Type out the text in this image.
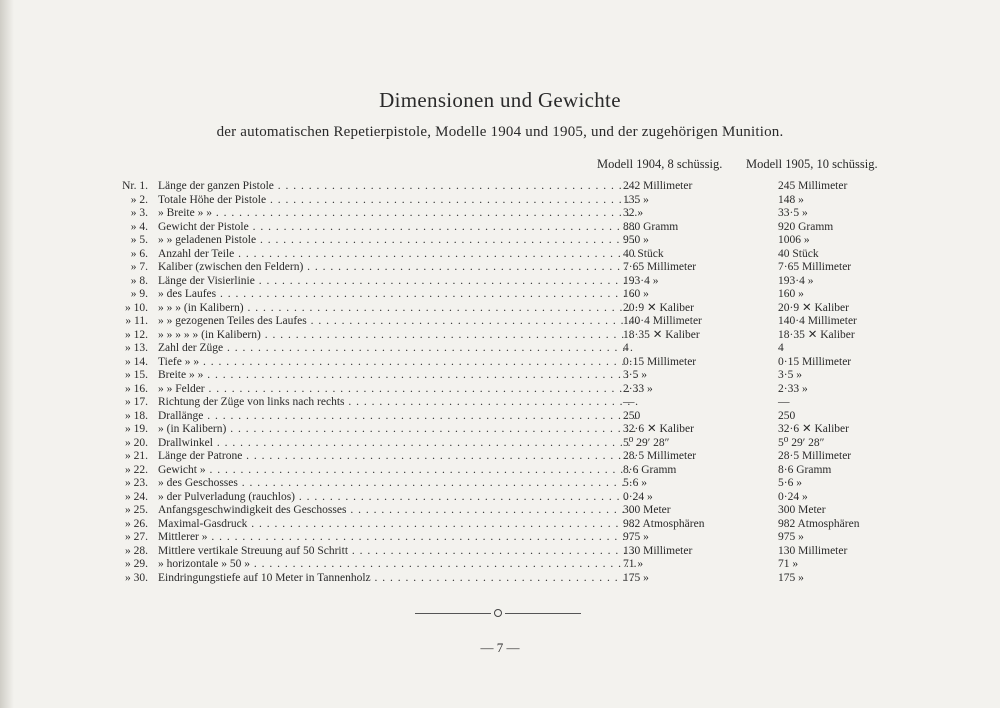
Dimensionen und Gewichte
der automatischen Repetierpistole, Modelle 1904 und 1905, und der zugehörigen Munition.
Modell 1904, 8 schüssig. Modell 1905, 10 schüssig.
Nr. 1. Länge der ganzen Pistole . . .	242 Millimeter	245 Millimeter
» 2. Totale Höhe der Pistole . . .	135 »	148 »
» 3. » Breite » » . . .	32 »	33·5 »
» 4. Gewicht der Pistole . . .	880 Gramm	920 Gramm
» 5. » » geladenen Pistole . . .	950 »	1006 »
» 6. Anzahl der Teile . . .	40 Stück	40 Stück
» 7. Kaliber (zwischen den Feldern) . . .	7·65 Millimeter	7·65 Millimeter
» 8. Länge der Visierlinie . . .	193·4 »	193·4 »
» 9. » des Laufes . . .	160 »	160 »
» 10. » » » (in Kalibern) . . .	20·9 ✕ Kaliber	20·9 ✕ Kaliber
» 11. » » gezogenen Teiles des Laufes . . .	140·4 Millimeter	140·4 Millimeter
» 12. » » » » » (in Kalibern) . . .	18·35 ✕ Kaliber	18·35 ✕ Kaliber
» 13. Zahl der Züge . . .	4	4
» 14. Tiefe » » . . .	0·15 Millimeter	0·15 Millimeter
» 15. Breite » » . . .	3·5 »	3·5 »
» 16. » » Felder . . .	2·33 »	2·33 »
» 17. Richtung der Züge von links nach rechts . . .	—	—
» 18. Drallänge . . .	250	250
» 19. » (in Kalibern) . . .	32·6 ✕ Kaliber	32·6 ✕ Kaliber
» 20. Drallwinkel . . .	5⁰ 29′ 28″	5⁰ 29′ 28″
» 21. Länge der Patrone . . .	28·5 Millimeter	28·5 Millimeter
» 22. Gewicht » . . .	8·6 Gramm	8·6 Gramm
» 23. » des Geschosses . . .	5·6 »	5·6 »
» 24. » der Pulverladung (rauchlos) . . .	0·24 »	0·24 »
» 25. Anfangsgeschwindigkeit des Geschosses . . .	300 Meter	300 Meter
» 26. Maximal-Gasdruck . . .	982 Atmosphären	982 Atmosphären
» 27. Mittlerer » . . .	975 »	975 »
» 28. Mittlere vertikale Streuung auf 50 Schritt . . .	130 Millimeter	130 Millimeter
» 29. » horizontale » 50 » . . .	71 »	71 »
» 30. Eindringungstiefe auf 10 Meter in Tannenholz . . .	175 »	175 »
— 7 —
